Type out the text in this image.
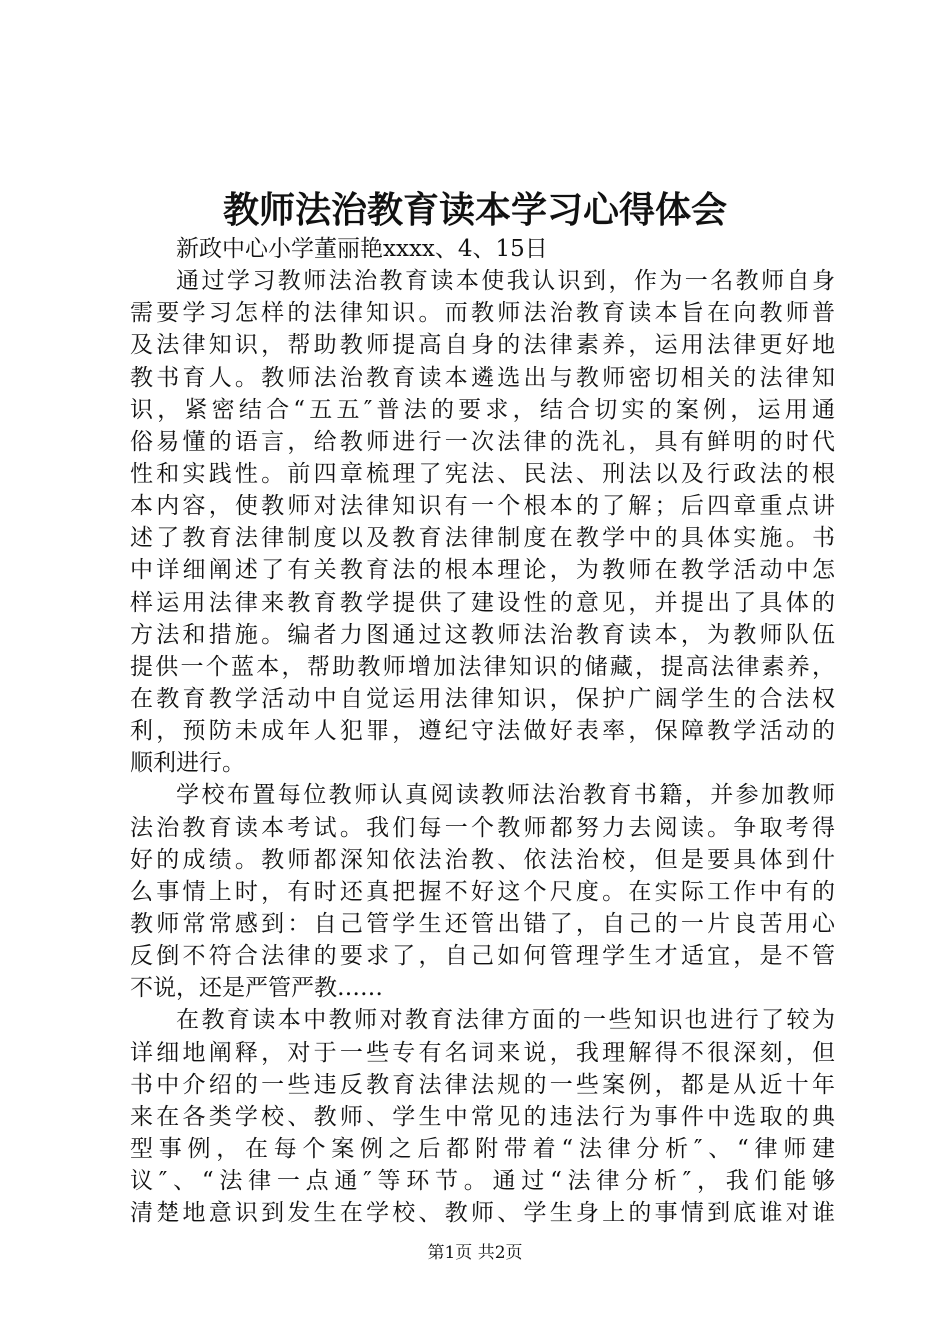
教师法治教育读本学习心得体会
新政中心小学董丽艳xxxx、4、15日
通过学习教师法治教育读本使我认识到，作为一名教师自身
需要学习怎样的法律知识。而教师法治教育读本旨在向教师普
及法律知识，帮助教师提高自身的法律素养，运用法律更好地
教书育人。教师法治教育读本遴选出与教师密切相关的法律知
识，紧密结合“五五″普法的要求，结合切实的案例，运用通
俗易懂的语言，给教师进行一次法律的洗礼，具有鲜明的时代
性和实践性。前四章梳理了宪法、民法、刑法以及行政法的根
本内容，使教师对法律知识有一个根本的了解；后四章重点讲
述了教育法律制度以及教育法律制度在教学中的具体实施。书
中详细阐述了有关教育法的根本理论，为教师在教学活动中怎
样运用法律来教育教学提供了建设性的意见，并提出了具体的
方法和措施。编者力图通过这教师法治教育读本，为教师队伍
提供一个蓝本，帮助教师增加法律知识的储藏，提高法律素养，
在教育教学活动中自觉运用法律知识，保护广阔学生的合法权
利，预防未成年人犯罪，遵纪守法做好表率，保障教学活动的
顺利进行。
学校布置每位教师认真阅读教师法治教育书籍，并参加教师
法治教育读本考试。我们每一个教师都努力去阅读。争取考得
好的成绩。教师都深知依法治教、依法治校，但是要具体到什
么事情上时，有时还真把握不好这个尺度。在实际工作中有的
教师常常感到：自己管学生还管出错了，自己的一片良苦用心
反倒不符合法律的要求了，自己如何管理学生才适宜，是不管
不说，还是严管严教……
在教育读本中教师对教育法律方面的一些知识也进行了较为
详细地阐释，对于一些专有名词来说，我理解得不很深刻，但
书中介绍的一些违反教育法律法规的一些案例，都是从近十年
来在各类学校、教师、学生中常见的违法行为事件中选取的典
型事例，在每个案例之后都附带着“法律分析″、“律师建
议″、“法律一点通″等环节。通过“法律分析″，我们能够
清楚地意识到发生在学校、教师、学生身上的事情到底谁对谁
第1页 共2页
